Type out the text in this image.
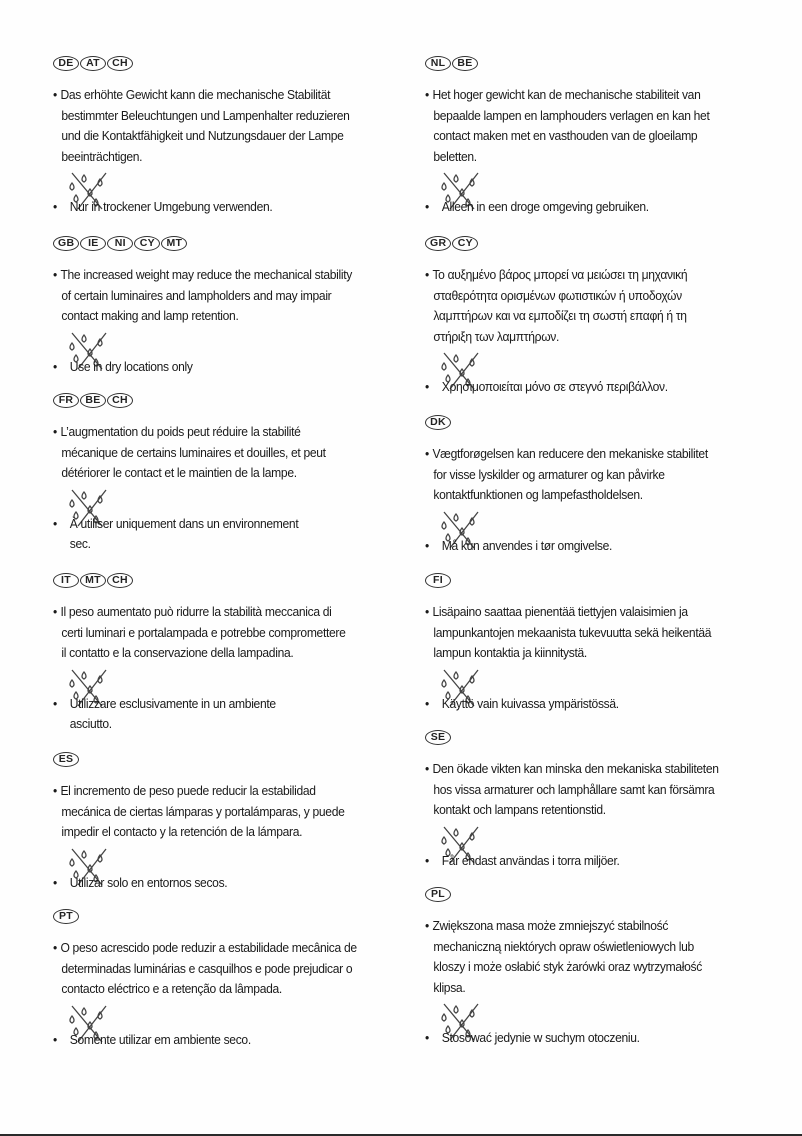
DE	AT	CH
• Das erhöhte Gewicht kann die mechanische Stabilität
bestimmter Beleuchtungen und Lampenhalter reduzieren
und die Kontaktfähigkeit und Nutzungsdauer der Lampe
beeinträchtigen.
• Nur in trockener Umgebung verwenden.
GB	IE	NI	CY	MT
• The increased weight may reduce the mechanical stability
of certain luminaires and lampholders and may impair
contact making and lamp retention.
• Use in dry locations only
FR	BE	CH
• L’augmentation du poids peut réduire la stabilité
mécanique de certains luminaires et douilles, et peut
détériorer le contact et le maintien de la lampe.
• À utiliser uniquement dans un environnement
sec.
IT	MT	CH
• Il peso aumentato può ridurre la stabilità meccanica di
certi luminari e portalampada e potrebbe compromettere
il contatto e la conservazione della lampadina.
• Utilizzare esclusivamente in un ambiente
asciutto.
ES
• El incremento de peso puede reducir la estabilidad
mecánica de ciertas lámparas y portalámparas, y puede
impedir el contacto y la retención de la lámpara.
• Utilizar solo en entornos secos.
PT
• O peso acrescido pode reduzir a estabilidade mecânica de
determinadas luminárias e casquilhos e pode prejudicar o
contacto eléctrico e a retenção da lâmpada.
• Somente utilizar em ambiente seco.
NL	BE
• Het hoger gewicht kan de mechanische stabiliteit van
bepaalde lampen en lamphouders verlagen en kan het
contact maken met en vasthouden van de gloeilamp
beletten.
• Alleen in een droge omgeving gebruiken.
GR	CY
• Το αυξημένο βάρος μπορεί να μειώσει τη μηχανική
σταθερότητα ορισμένων φωτιστικών ή υποδοχών
λαμπτήρων και να εμποδίζει τη σωστή επαφή ή τη
στήριξη των λαμπτήρων.
• Χρησιμοποιείται μόνο σε στεγνό περιβάλλον.
DK
• Vægtforøgelsen kan reducere den mekaniske stabilitet
for visse lyskilder og armaturer og kan påvirke
kontaktfunktionen og lampefastholdelsen.
• Må kun anvendes i tør omgivelse.
FI
• Lisäpaino saattaa pienentää tiettyjen valaisimien ja
lampunkantojen mekaanista tukevuutta sekä heikentää
lampun kontaktia ja kiinnitystä.
• Käyttö vain kuivassa ympäristössä.
SE
• Den ökade vikten kan minska den mekaniska stabiliteten
hos vissa armaturer och lamphållare samt kan försämra
kontakt och lampans retentionstid.
• Får endast användas i torra miljöer.
PL
• Zwiększona masa może zmniejszyć stabilność
mechaniczną niektórych opraw oświetleniowych lub
kloszy i może osłabić styk żarówki oraz wytrzymałość
klipsa.
• Stosować jedynie w suchym otoczeniu.
